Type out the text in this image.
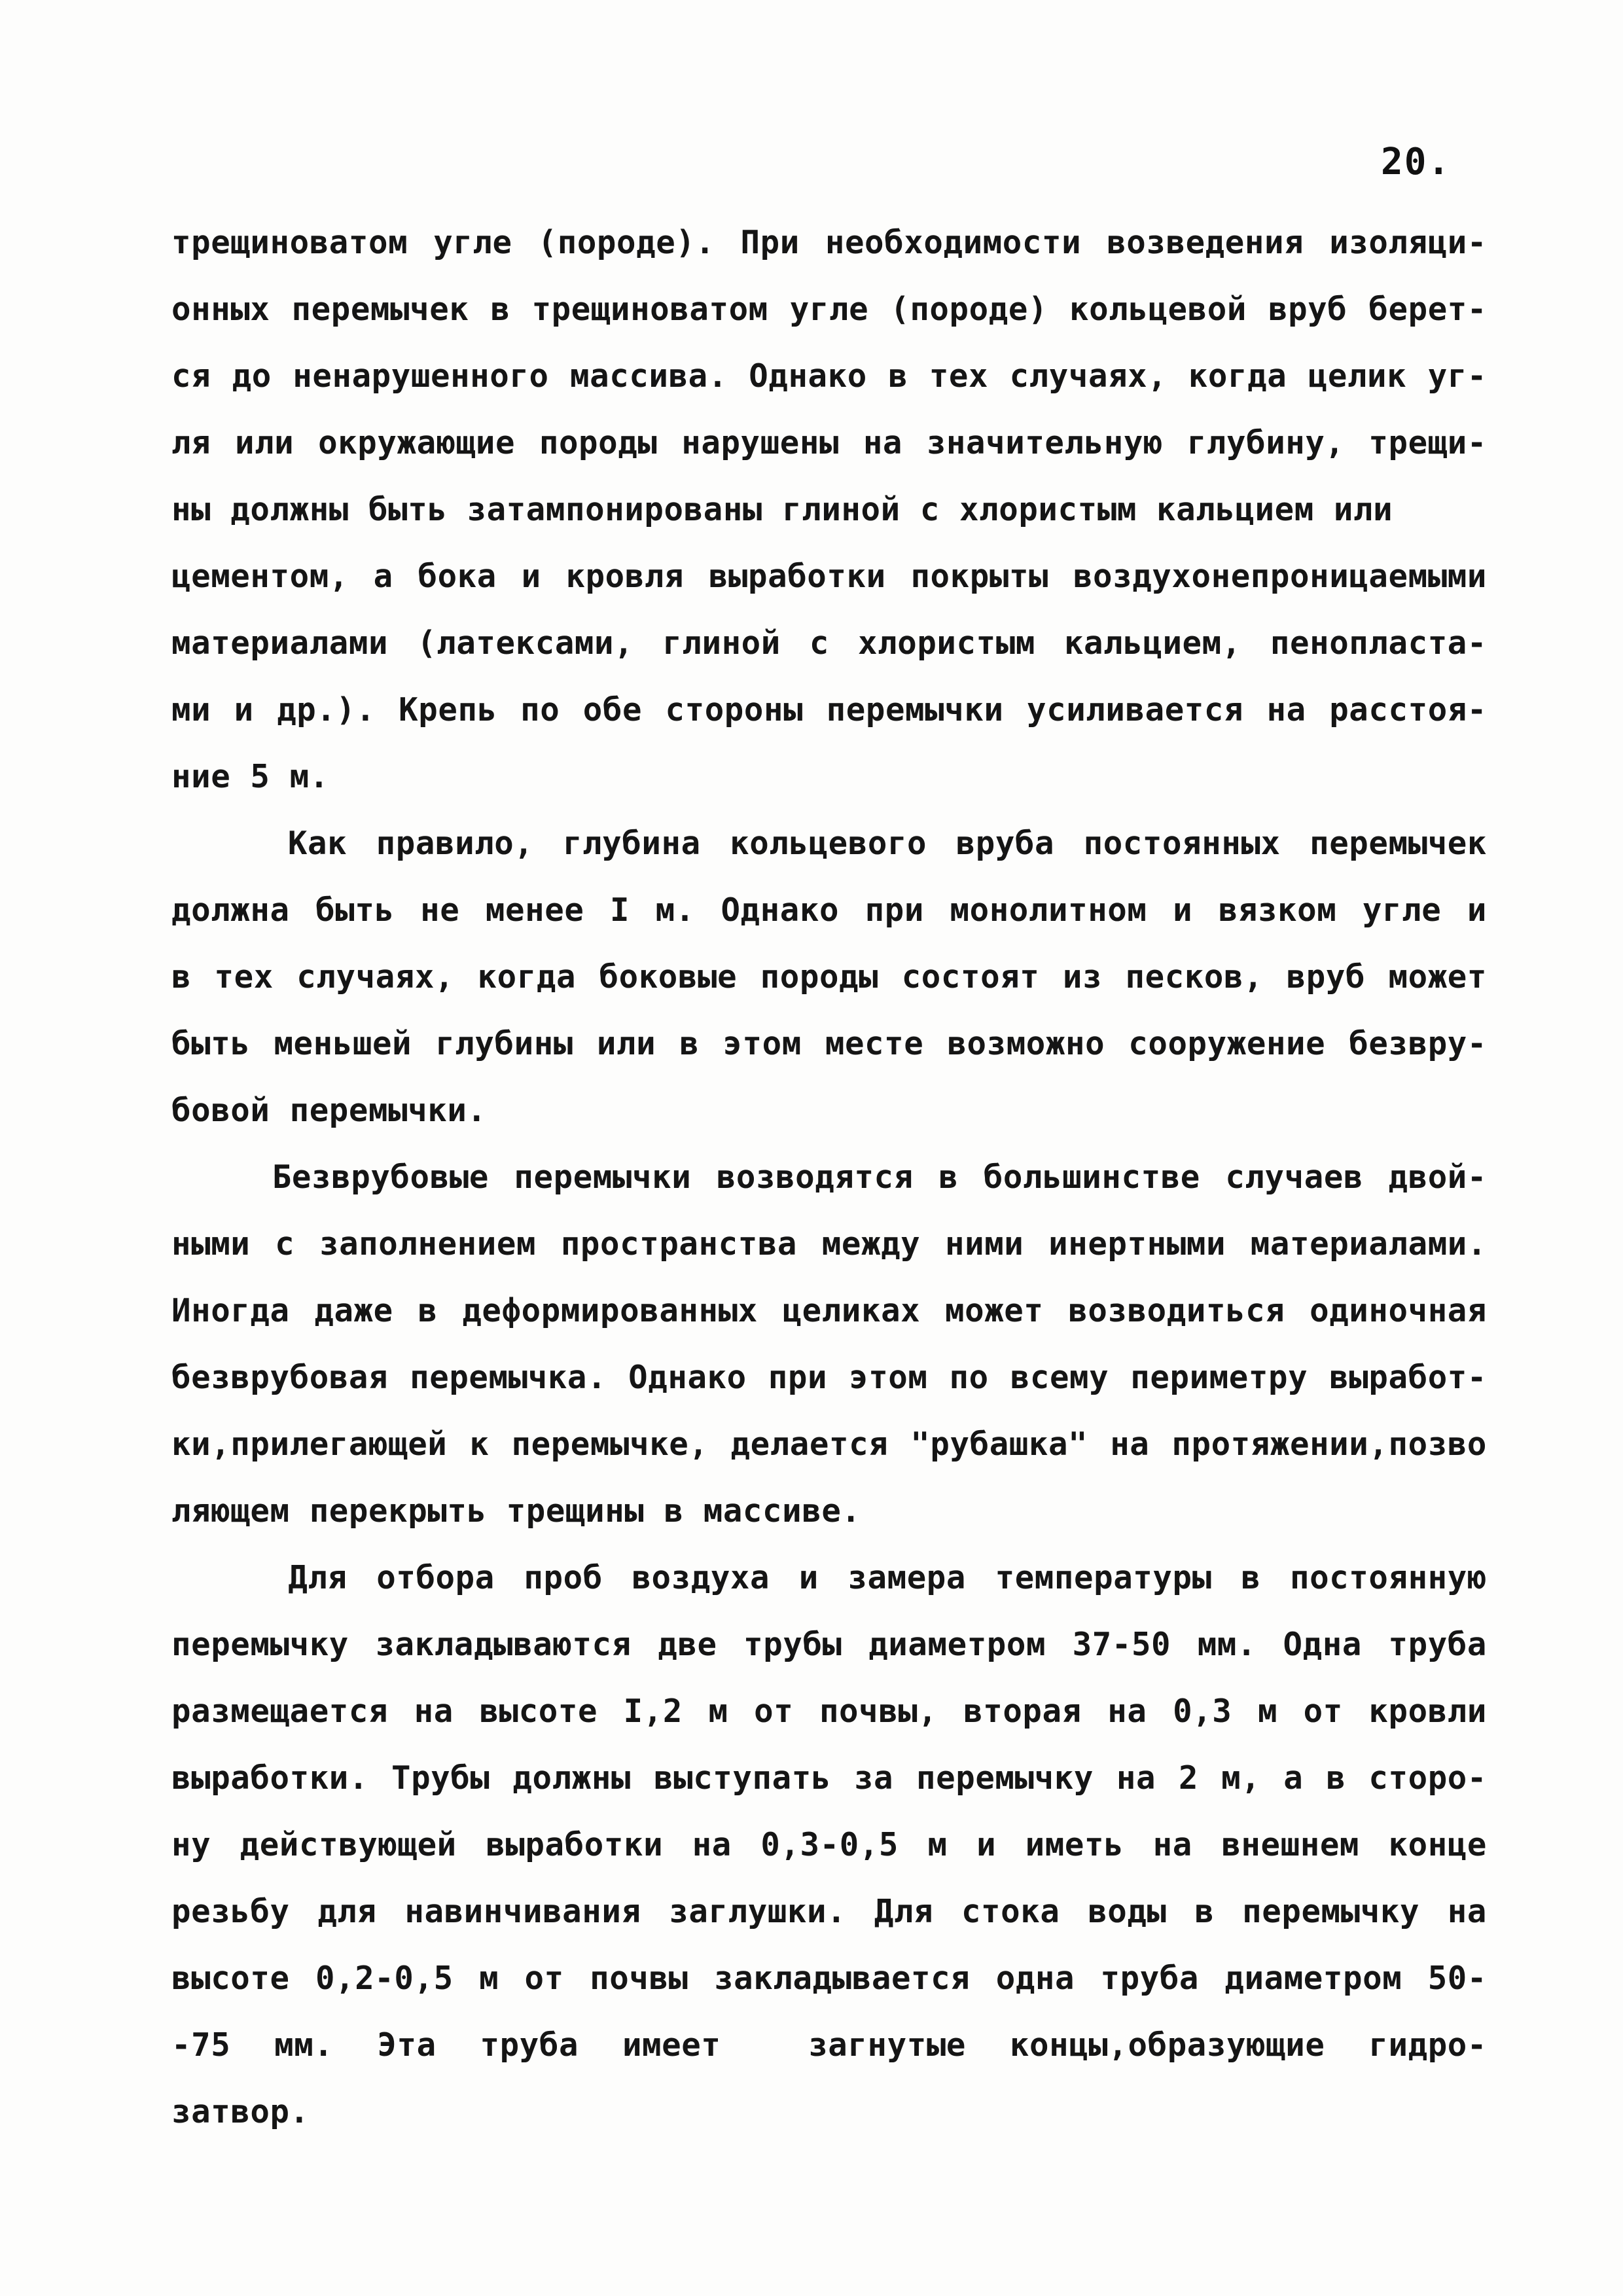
20.

трещиноватом угле (породе). При необходимости возведения изоляци-
онных перемычек в трещиноватом угле (породе) кольцевой вруб берет-
ся до ненарушенного массива. Однако в тех случаях, когда целик уг-
ля или окружающие породы нарушены на значительную глубину, трещи-
ны должны быть затампонированы глиной с хлористым кальцием или
цементом, а бока и кровля выработки покрыты воздухонепроницаемыми
материалами (латексами, глиной с хлористым кальцием, пенопласта-
ми и др.). Крепь по обе стороны перемычки усиливается на расстоя-
ние 5 м.
Как правило, глубина кольцевого вруба постоянных перемычек
должна быть не менее I м. Однако при монолитном и вязком угле и
в тех случаях, когда боковые породы состоят из песков, вруб может
быть меньшей глубины или в этом месте возможно сооружение безвру-
бовой перемычки.
Безврубовые перемычки возводятся в большинстве случаев двой-
ными с заполнением пространства между ними инертными материалами.
Иногда даже в деформированных целиках может возводиться одиночная
безврубовая перемычка. Однако при этом по всему периметру выработ-
ки,прилегающей к перемычке, делается "рубашка" на протяжении,позво
ляющем перекрыть трещины в массиве.
Для отбора проб воздуха и замера температуры в постоянную
перемычку закладываются две трубы диаметром 37-50 мм. Одна труба
размещается на высоте I,2 м от почвы, вторая на 0,3 м от кровли
выработки. Трубы должны выступать за перемычку на 2 м, а в сторо-
ну действующей выработки на 0,3-0,5 м и иметь на внешнем конце
резьбу для навинчивания заглушки. Для стока воды в перемычку на
высоте 0,2-0,5 м от почвы закладывается одна труба диаметром 50-
-75 мм. Эта труба имеет  загнутые концы,образующие гидро-
затвор.
